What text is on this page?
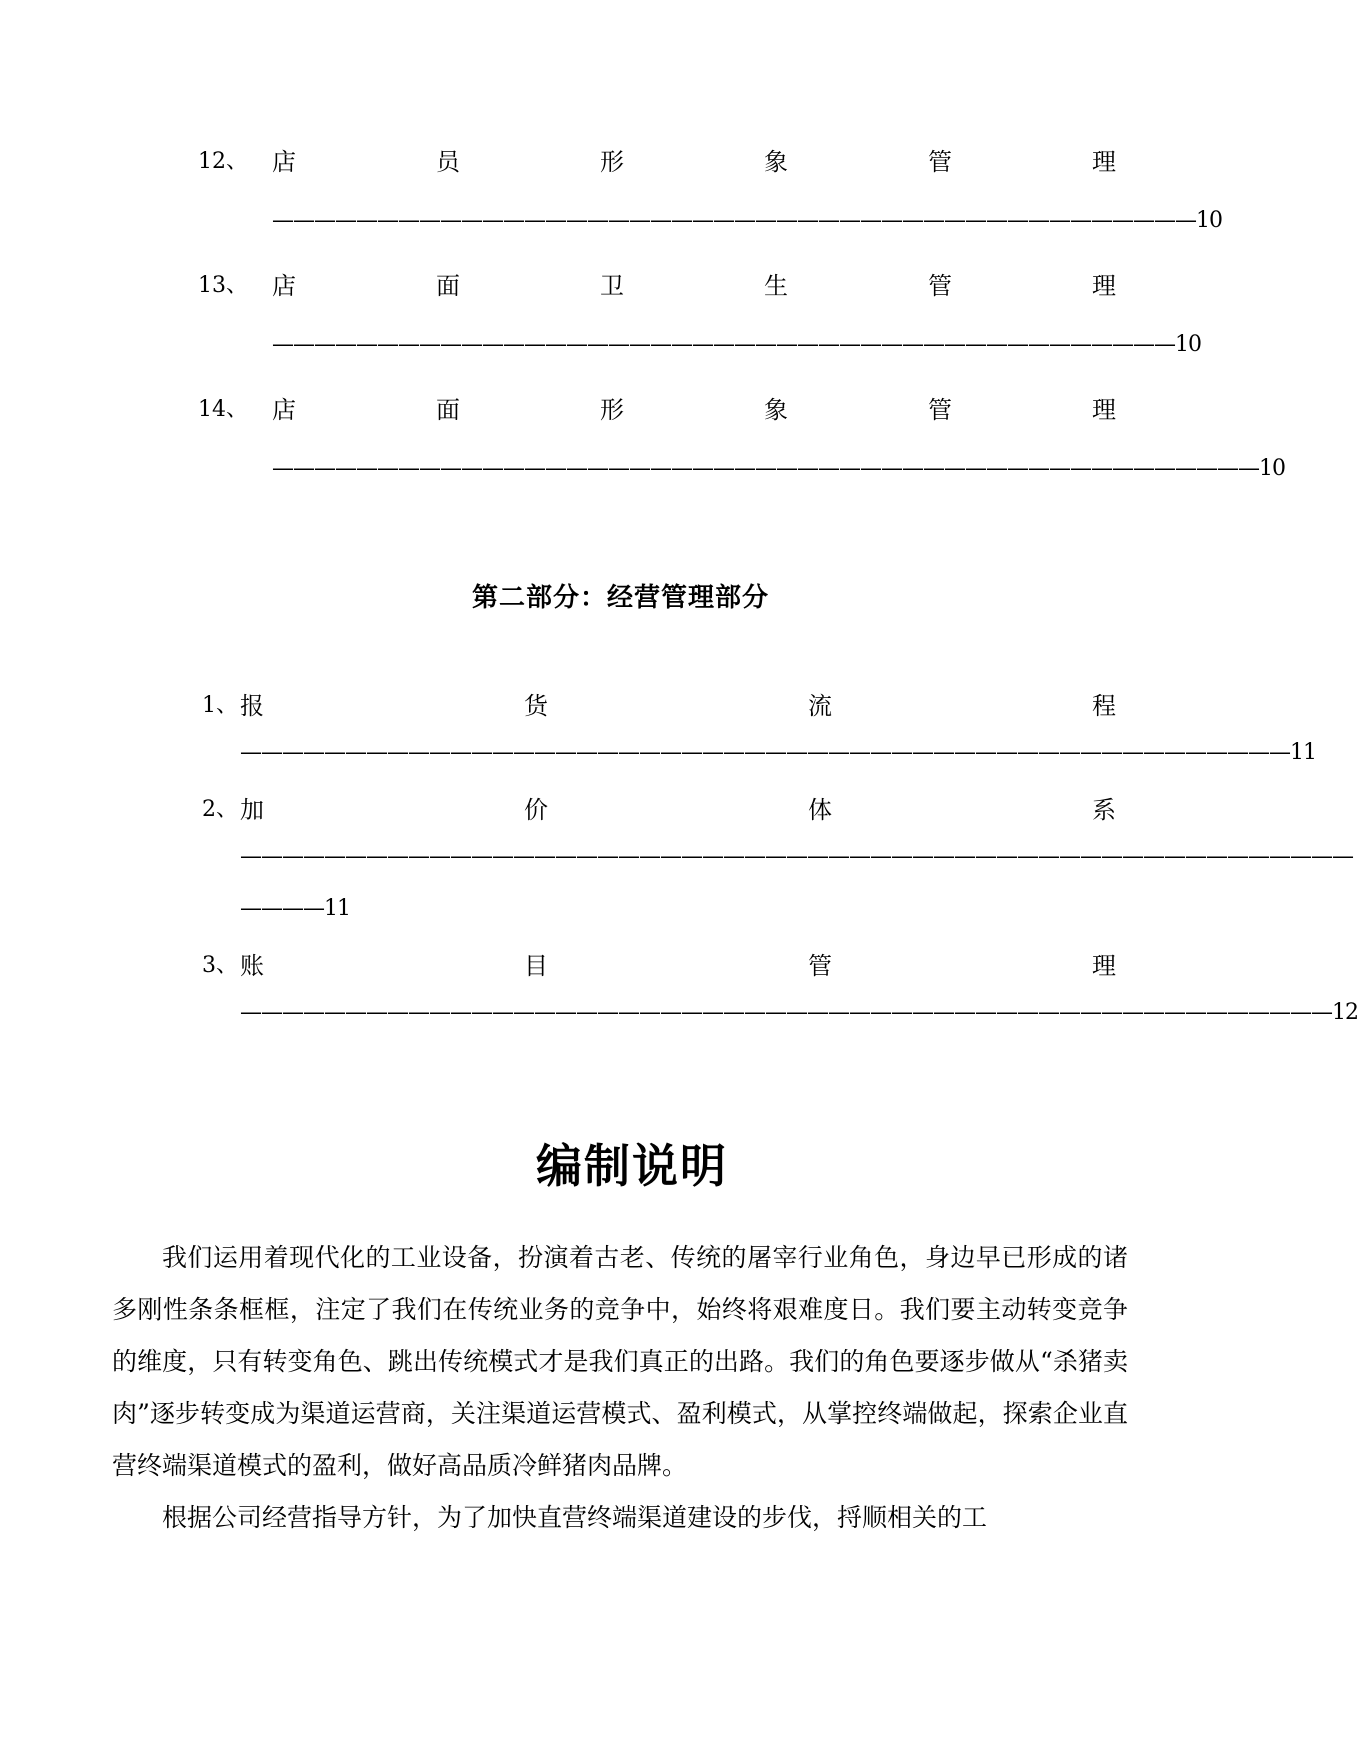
12、 店	员	形	象	管	理
————————————————————————————————————————————10
13、 店	面	卫	生	管	理
———————————————————————————————————————————10
14、 店	面	形	象	管	理
———————————————————————————————————————————————10
第二部分：经营管理部分
1、 报	货	流	程
——————————————————————————————————————————————————11
2、 加	价	体	系
—————————————————————————————————————————————————————
————11
3、 账	目	管	理
————————————————————————————————————————————————————12
编制说明

我们运用着现代化的工业设备，扮演着古老、传统的屠宰行业角色，身边早已形成的诸多刚性条条框框，注定了我们在传统业务的竞争中，始终将艰难度日。我们要主动转变竞争的维度，只有转变角色、跳出传统模式才是我们真正的出路。我们的角色要逐步做从“杀猪卖肉”逐步转变成为渠道运营商，关注渠道运营模式、盈利模式，从掌控终端做起，探索企业直营终端渠道模式的盈利，做好高品质冷鲜猪肉品牌。

根据公司经营指导方针，为了加快直营终端渠道建设的步伐，捋顺相关的工
